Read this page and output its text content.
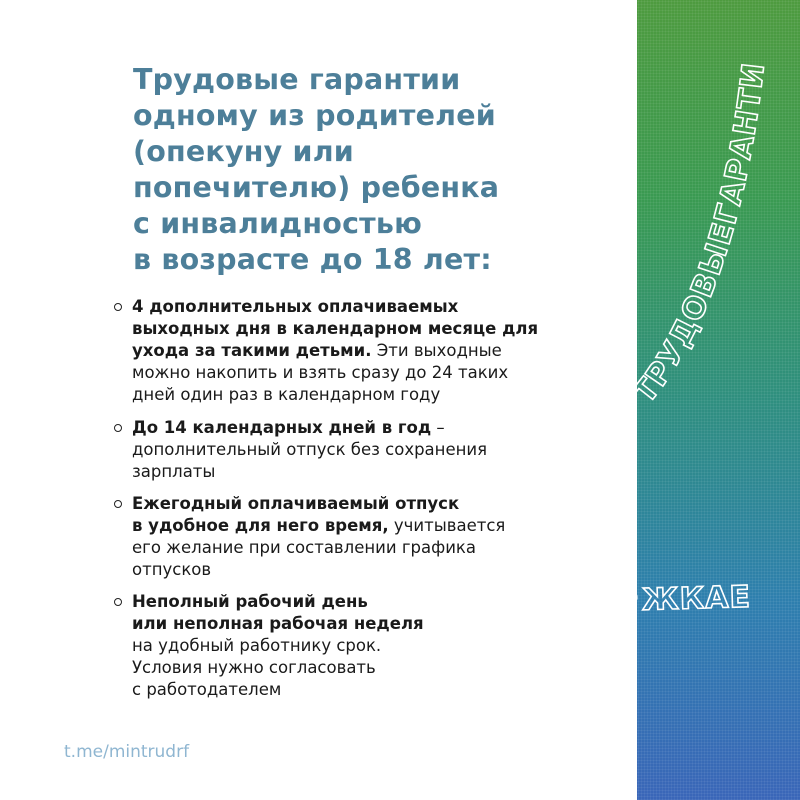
ТРУДОВЫЕГАРАНТИ
ПОМОЩЬПОДДЕРЖКАЕ
Трудовые гарантии
одному из родителей
(опекуну или
попечителю) ребенка
с инвалидностью
в возрасте до 18 лет:
4 дополнительных оплачиваемых
выходных дня в календарном месяце для
ухода за такими детьми. Эти выходные
можно накопить и взять сразу до 24 таких
дней один раз в календарном году
До 14 календарных дней в год –
дополнительный отпуск без сохранения
зарплаты
Ежегодный оплачиваемый отпуск
в удобное для него время, учитывается
его желание при составлении графика
отпусков
Неполный рабочий день
или неполная рабочая неделя
на удобный работнику срок.
Условия нужно согласовать
с работодателем
t.me/mintrudrf
